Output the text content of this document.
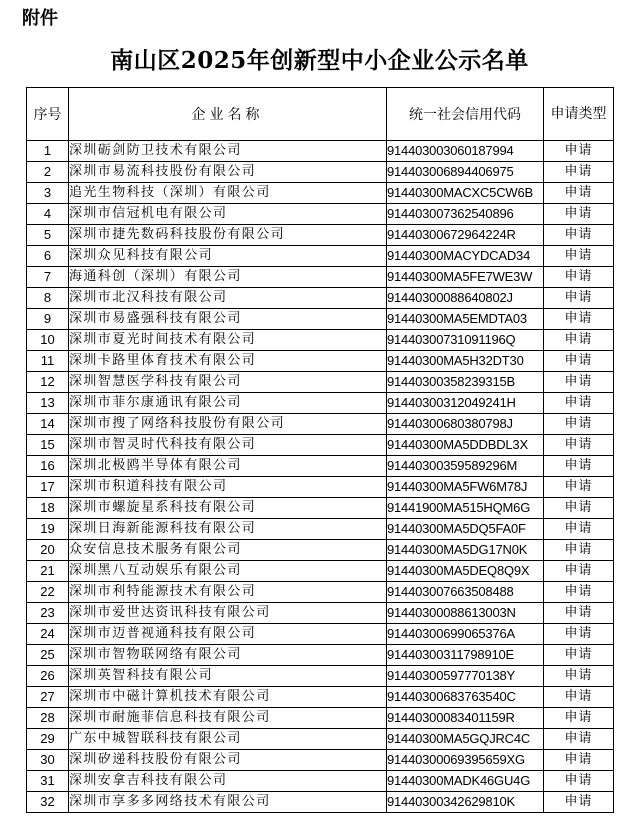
附件
南山区2025年创新型中小企业公示名单
序号	企业名称	统一社会信用代码	申请类型
1	深圳砺剑防卫技术有限公司	914403003060187994	申请
2	深圳市易流科技股份有限公司	914403006894406975	申请
3	追光生物科技（深圳）有限公司	91440300MACXC5CW6B	申请
4	深圳市信冠机电有限公司	914403007362540896	申请
5	深圳市捷先数码科技股份有限公司	91440300672964224R	申请
6	深圳众见科技有限公司	91440300MACYDCAD34	申请
7	海通科创（深圳）有限公司	91440300MA5FE7WE3W	申请
8	深圳市北汉科技有限公司	91440300088640802J	申请
9	深圳市易盛强科技有限公司	91440300MA5EMDTA03	申请
10	深圳市夏光时间技术有限公司	91440300731091196Q	申请
11	深圳卡路里体育技术有限公司	91440300MA5H32DT30	申请
12	深圳智慧医学科技有限公司	91440300358239315B	申请
13	深圳市菲尔康通讯有限公司	91440300312049241H	申请
14	深圳市搜了网络科技股份有限公司	91440300680380798J	申请
15	深圳市智灵时代科技有限公司	91440300MA5DDBDL3X	申请
16	深圳北极鸥半导体有限公司	91440300359589296M	申请
17	深圳市积道科技有限公司	91440300MA5FW6M78J	申请
18	深圳市螺旋星系科技有限公司	91441900MA515HQM6G	申请
19	深圳日海新能源科技有限公司	91440300MA5DQ5FA0F	申请
20	众安信息技术服务有限公司	91440300MA5DG17N0K	申请
21	深圳黑八互动娱乐有限公司	91440300MA5DEQ8Q9X	申请
22	深圳市利特能源技术有限公司	914403007663508488	申请
23	深圳市爱世达资讯科技有限公司	91440300088613003N	申请
24	深圳市迈普视通科技有限公司	91440300699065376A	申请
25	深圳市智物联网络有限公司	91440300311798910E	申请
26	深圳英智科技有限公司	91440300597770138Y	申请
27	深圳市中磁计算机技术有限公司	91440300683763540C	申请
28	深圳市耐施菲信息科技有限公司	91440300083401159R	申请
29	广东中城智联科技有限公司	91440300MA5GQJRC4C	申请
30	深圳矽递科技股份有限公司	91440300069395659XG	申请
31	深圳安拿吉科技有限公司	91440300MADK46GU4G	申请
32	深圳市享多多网络技术有限公司	91440300342629810K	申请
